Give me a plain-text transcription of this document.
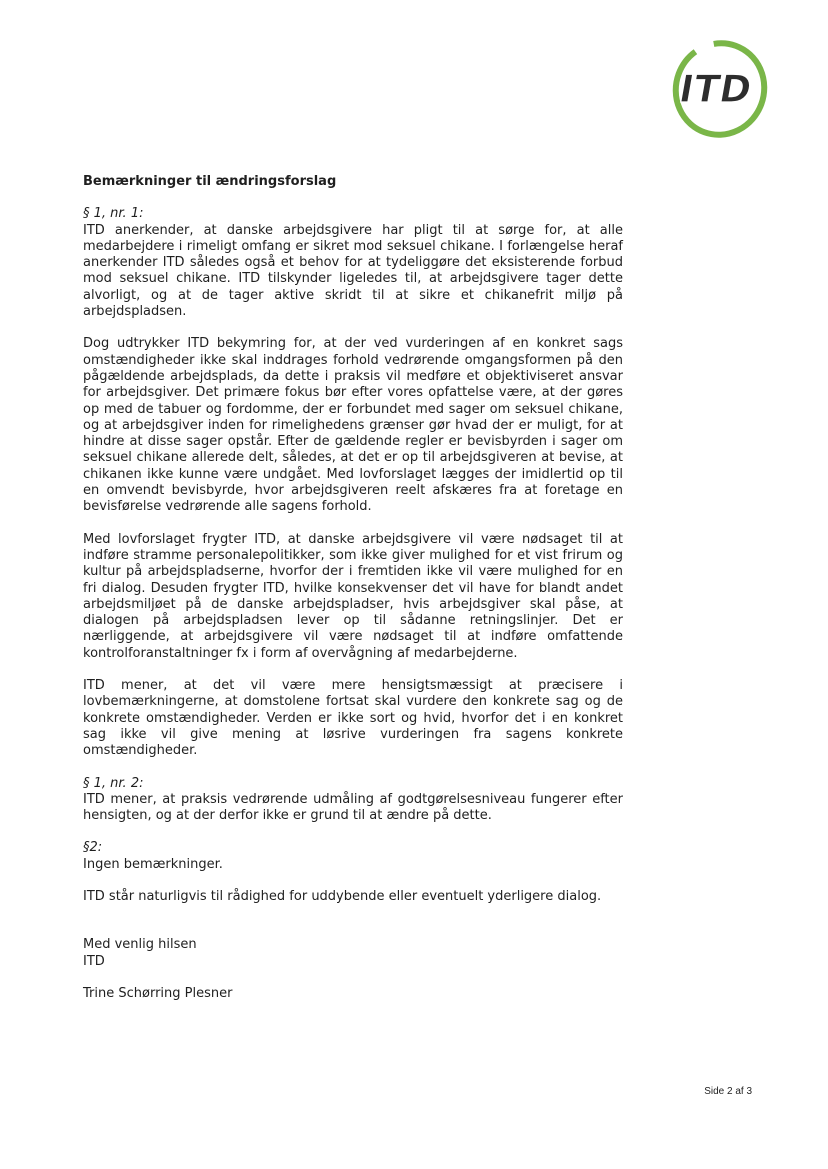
ITD

Bemærkninger til ændringsforslag

§ 1, nr. 1:

ITD anerkender, at danske arbejdsgivere har pligt til at sørge for, at alle medarbejdere i rimeligt omfang er sikret mod seksuel chikane. I forlængelse heraf anerkender ITD således også et behov for at tydeliggøre det eksisterende forbud mod seksuel chikane. ITD tilskynder ligeledes til, at arbejdsgivere tager dette alvorligt, og at de tager aktive skridt til at sikre et chikanefrit miljø på arbejdspladsen.

Dog udtrykker ITD bekymring for, at der ved vurderingen af en konkret sags omstændigheder ikke skal inddrages forhold vedrørende omgangsformen på den pågældende arbejdsplads, da dette i praksis vil medføre et objektiviseret ansvar for arbejdsgiver. Det primære fokus bør efter vores opfattelse være, at der gøres op med de tabuer og fordomme, der er forbundet med sager om seksuel chikane, og at arbejdsgiver inden for rimelighedens grænser gør hvad der er muligt, for at hindre at disse sager opstår. Efter de gældende regler er bevisbyrden i sager om seksuel chikane allerede delt, således, at det er op til arbejdsgiveren at bevise, at chikanen ikke kunne være undgået. Med lovforslaget lægges der imidlertid op til en omvendt bevisbyrde, hvor arbejdsgiveren reelt afskæres fra at foretage en bevisførelse vedrørende alle sagens forhold.

Med lovforslaget frygter ITD, at danske arbejdsgivere vil være nødsaget til at indføre stramme personalepolitikker, som ikke giver mulighed for et vist frirum og kultur på arbejdspladserne, hvorfor der i fremtiden ikke vil være mulighed for en fri dialog. Desuden frygter ITD, hvilke konsekvenser det vil have for blandt andet arbejdsmiljøet på de danske arbejdspladser, hvis arbejdsgiver skal påse, at dialogen på arbejdspladsen lever op til sådanne retningslinjer. Det er nærliggende, at arbejdsgivere vil være nødsaget til at indføre omfattende kontrolforanstaltninger fx i form af overvågning af medarbejderne.

ITD mener, at det vil være mere hensigtsmæssigt at præcisere i lovbemærkningerne, at domstolene fortsat skal vurdere den konkrete sag og de konkrete omstændigheder. Verden er ikke sort og hvid, hvorfor det i en konkret sag ikke vil give mening at løsrive vurderingen fra sagens konkrete omstændigheder.

§ 1, nr. 2:

ITD mener, at praksis vedrørende udmåling af godtgørelsesniveau fungerer efter hensigten, og at der derfor ikke er grund til at ændre på dette.

§2:

Ingen bemærkninger.

ITD står naturligvis til rådighed for uddybende eller eventuelt yderligere dialog.

Med venlig hilsen

ITD

Trine Schørring Plesner

Side 2 af 3
